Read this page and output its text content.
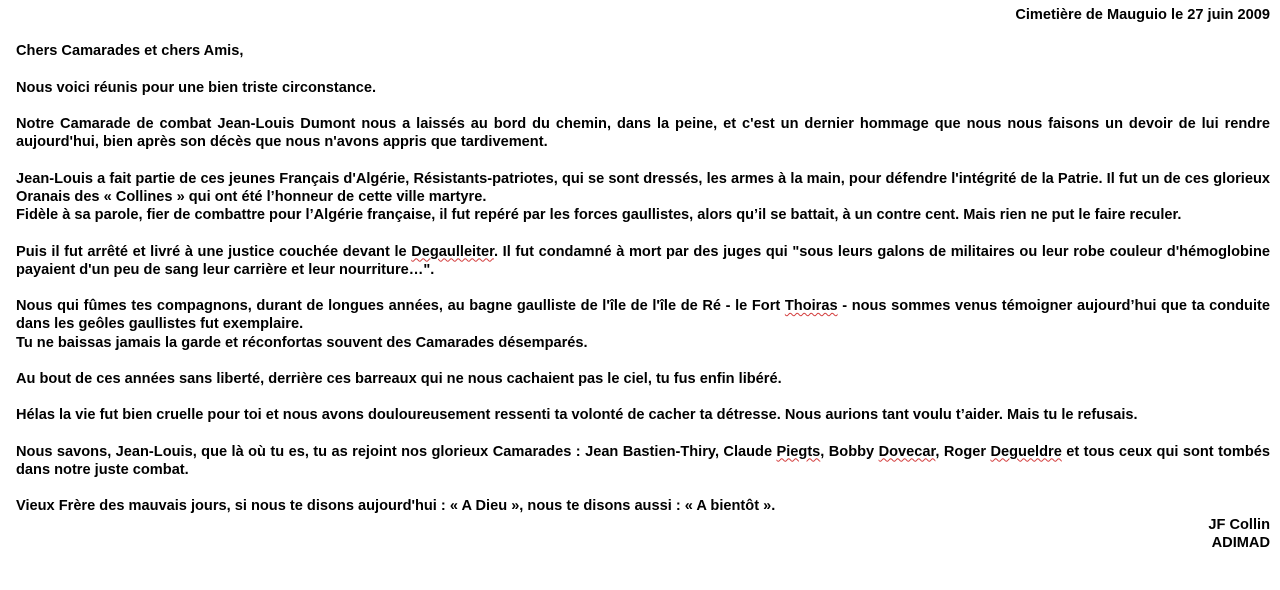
Cimetière de Mauguio le 27 juin 2009

Chers Camarades et chers Amis,

Nous voici réunis pour une bien triste circonstance.

Notre Camarade de combat Jean-Louis Dumont nous a laissés au bord du chemin, dans la peine, et c'est un dernier hommage que nous nous faisons un devoir de lui rendre aujourd'hui, bien après son décès que nous n'avons appris que tardivement.

Jean-Louis a fait partie de ces jeunes Français d'Algérie, Résistants-patriotes, qui se sont dressés, les armes à la main, pour défendre l'intégrité de la Patrie. Il fut un de ces glorieux Oranais des « Collines » qui ont été l’honneur de cette ville martyre.
Fidèle à sa parole, fier de combattre pour l’Algérie française, il fut repéré par les forces gaullistes, alors qu’il se battait, à un contre cent. Mais rien ne put le faire reculer.

Puis il fut arrêté et livré à une justice couchée devant le Degaulleiter. Il fut condamné à mort par des juges qui "sous leurs galons de militaires ou leur robe couleur d'hémoglobine payaient d'un peu de sang leur carrière et leur nourriture…".

Nous qui fûmes tes compagnons, durant de longues années, au bagne gaulliste de l'île de l'île de Ré - le Fort Thoiras - nous sommes venus témoigner aujourd’hui que ta conduite dans les geôles gaullistes fut exemplaire.
Tu ne baissas jamais la garde et réconfortas souvent des Camarades désemparés.

Au bout de ces années sans liberté, derrière ces barreaux qui ne nous cachaient pas le ciel, tu fus enfin libéré.

Hélas la vie fut bien cruelle pour toi et nous avons douloureusement ressenti ta volonté de cacher ta détresse. Nous aurions tant voulu t’aider. Mais tu le refusais.

Nous savons, Jean-Louis, que là où tu es, tu as rejoint nos glorieux Camarades : Jean Bastien-Thiry, Claude Piegts, Bobby Dovecar, Roger Degueldre et tous ceux qui sont tombés dans notre juste combat.

Vieux Frère des mauvais jours, si nous te disons aujourd'hui : « A Dieu », nous te disons aussi : « A bientôt ».

JF Collin
ADIMAD
